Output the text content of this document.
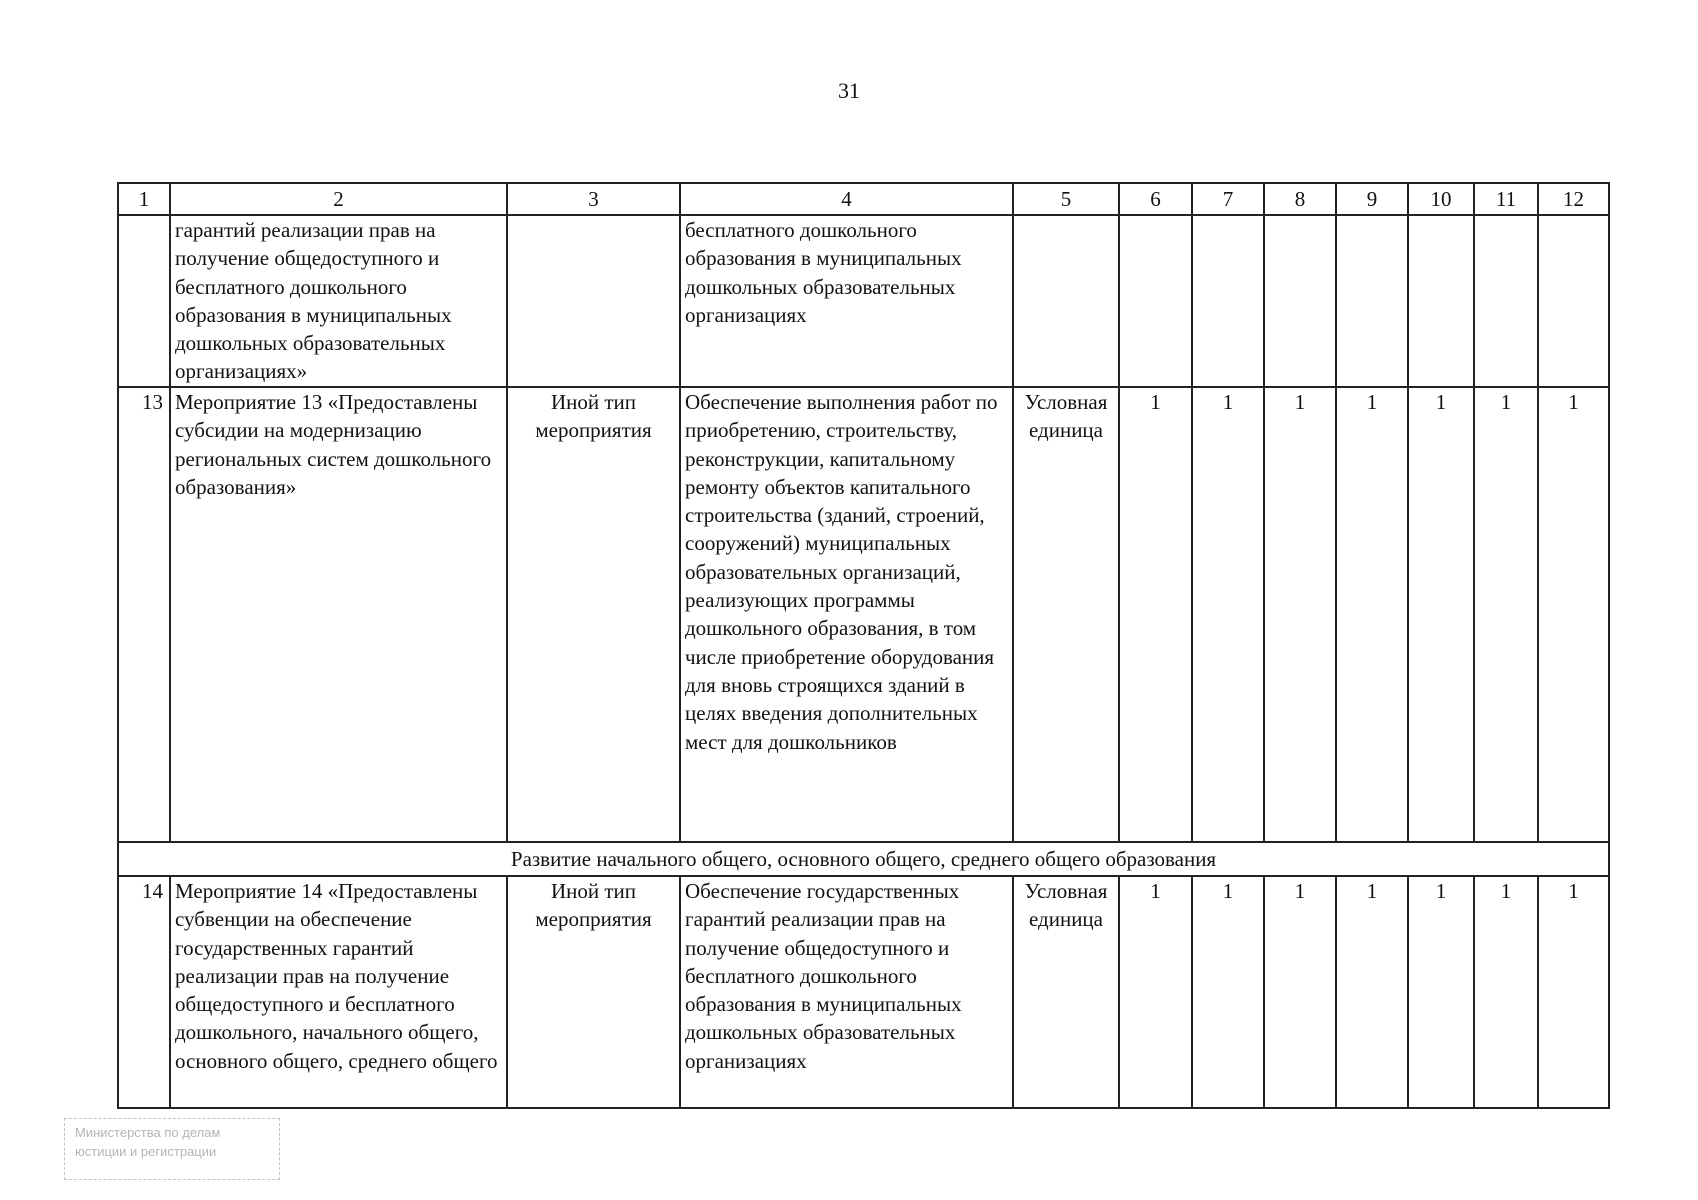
31
1	2	3	4	5	6	7	8	9	10	11	12
	гарантий реализации прав на получение общедоступного и бесплатного дошкольного образования в муниципальных дошкольных образовательных организациях»		бесплатного дошкольного образования в муниципальных дошкольных образовательных организациях								
13	Мероприятие 13 «Предоставлены субсидии на модернизацию региональных систем дошкольного образования»	Иной тип мероприятия	Обеспечение выполнения работ по приобретению, строительству, реконструкции, капитальному ремонту объектов капитального строительства (зданий, строений, сооружений) муниципальных образовательных организаций, реализующих программы дошкольного образования, в том числе приобретение оборудования для вновь строящихся зданий в целях введения дополнительных мест для дошкольников	Условная единица	1	1	1	1	1	1	1
Развитие начального общего, основного общего, среднего общего образования											
14	Мероприятие 14 «Предоставлены субвенции на обеспечение государственных гарантий реализации прав на получение общедоступного и бесплатного дошкольного, начального общего, основного общего, среднего общего	Иной тип мероприятия	Обеспечение государственных гарантий реализации прав на получение общедоступного и бесплатного дошкольного образования в муниципальных дошкольных образовательных организациях	Условная единица	1	1	1	1	1	1	1
Министерства по делам
юстиции и регистрации
